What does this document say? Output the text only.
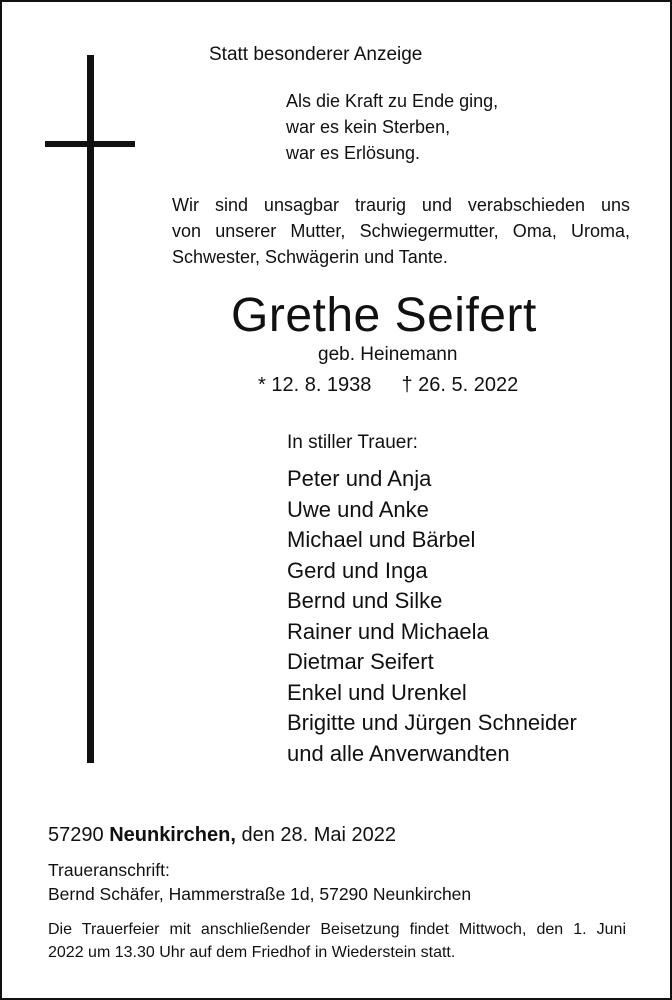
Statt besonderer Anzeige
Als die Kraft zu Ende ging,
war es kein Sterben,
war es Erlösung.
Wir sind unsagbar traurig und verabschieden uns
von unserer Mutter, Schwiegermutter, Oma, Uroma,
Schwester, Schwägerin und Tante.
Grethe Seifert
geb. Heinemann
* 12. 8. 1938 † 26. 5. 2022
In stiller Trauer:
Peter und Anja
Uwe und Anke
Michael und Bärbel
Gerd und Inga
Bernd und Silke
Rainer und Michaela
Dietmar Seifert
Enkel und Urenkel
Brigitte und Jürgen Schneider
und alle Anverwandten
57290 Neunkirchen, den 28. Mai 2022
Traueranschrift:
Bernd Schäfer, Hammerstraße 1d, 57290 Neunkirchen
Die Trauerfeier mit anschließender Beisetzung findet Mittwoch, den 1. Juni
2022 um 13.30 Uhr auf dem Friedhof in Wiederstein statt.
